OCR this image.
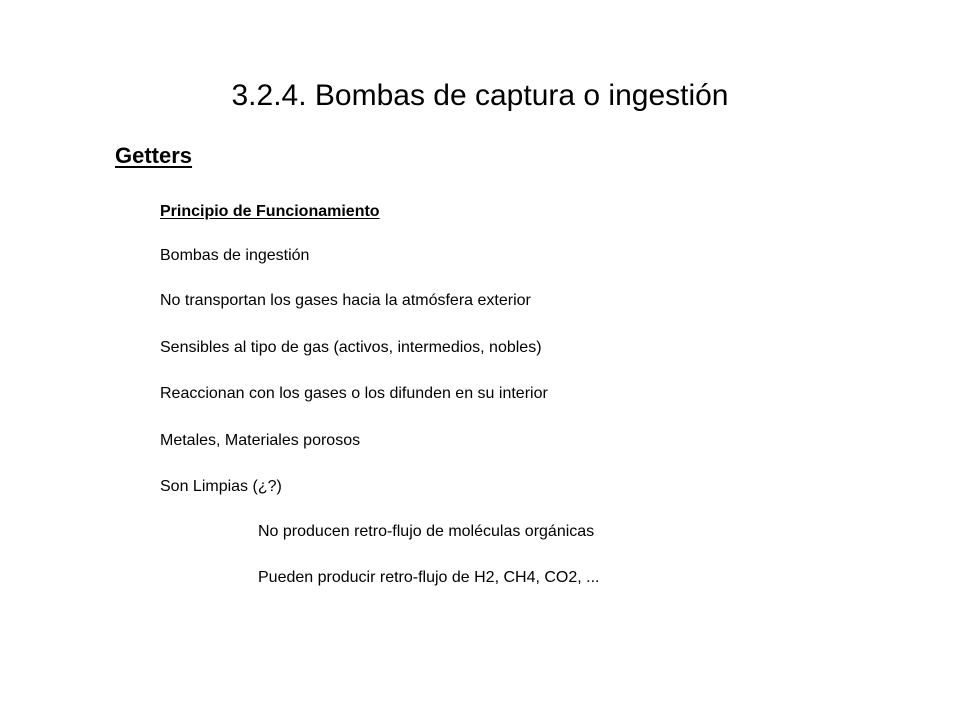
3.2.4. Bombas de captura o ingestión
Getters
Principio de Funcionamiento
Bombas de ingestión
No transportan los gases hacia la atmósfera exterior
Sensibles al tipo de gas (activos, intermedios, nobles)
Reaccionan con los gases o los difunden en su interior
Metales, Materiales porosos
Son Limpias (¿?)
No producen retro-flujo de moléculas orgánicas
Pueden producir retro-flujo de H2, CH4, CO2, ...
